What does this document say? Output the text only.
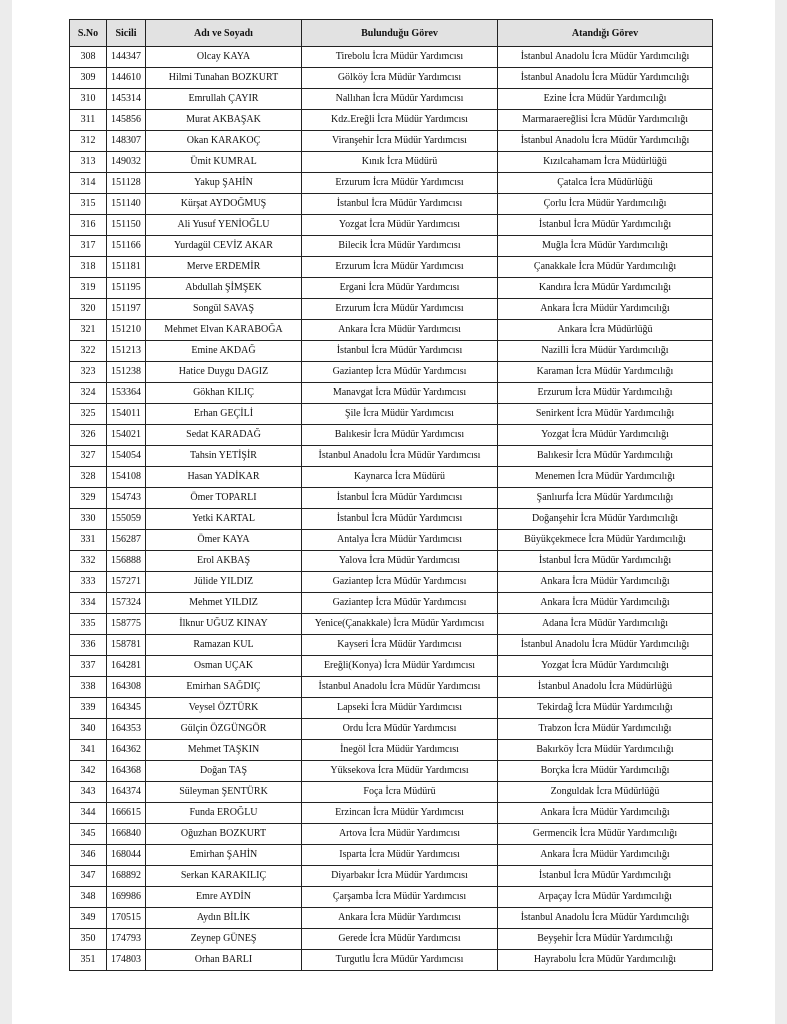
S.No	Sicili	Adı ve Soyadı	Bulunduğu Görev	Atandığı Görev
308	144347	Olcay KAYA	Tirebolu İcra Müdür Yardımcısı	İstanbul Anadolu İcra Müdür Yardımcılığı
309	144610	Hilmi Tunahan BOZKURT	Gölköy İcra Müdür Yardımcısı	İstanbul Anadolu İcra Müdür Yardımcılığı
310	145314	Emrullah ÇAYIR	Nallıhan İcra Müdür Yardımcısı	Ezine İcra Müdür Yardımcılığı
311	145856	Murat AKBAŞAK	Kdz.Ereğli İcra Müdür Yardımcısı	Marmaraereğlisi İcra Müdür Yardımcılığı
312	148307	Okan KARAKOÇ	Viranşehir İcra Müdür Yardımcısı	İstanbul Anadolu İcra Müdür Yardımcılığı
313	149032	Ümit KUMRAL	Kınık İcra Müdürü	Kızılcahamam İcra Müdürlüğü
314	151128	Yakup ŞAHİN	Erzurum İcra Müdür Yardımcısı	Çatalca İcra Müdürlüğü
315	151140	Kürşat AYDOĞMUŞ	İstanbul İcra Müdür Yardımcısı	Çorlu İcra Müdür Yardımcılığı
316	151150	Ali Yusuf YENİOĞLU	Yozgat İcra Müdür Yardımcısı	İstanbul İcra Müdür Yardımcılığı
317	151166	Yurdagül CEVİZ AKAR	Bilecik İcra Müdür Yardımcısı	Muğla İcra Müdür Yardımcılığı
318	151181	Merve ERDEMİR	Erzurum İcra Müdür Yardımcısı	Çanakkale İcra Müdür Yardımcılığı
319	151195	Abdullah ŞİMŞEK	Ergani İcra Müdür Yardımcısı	Kandıra İcra Müdür Yardımcılığı
320	151197	Songül SAVAŞ	Erzurum İcra Müdür Yardımcısı	Ankara İcra Müdür Yardımcılığı
321	151210	Mehmet Elvan KARABOĞA	Ankara İcra Müdür Yardımcısı	Ankara İcra Müdürlüğü
322	151213	Emine AKDAĞ	İstanbul İcra Müdür Yardımcısı	Nazilli İcra Müdür Yardımcılığı
323	151238	Hatice Duygu DAGIZ	Gaziantep İcra Müdür Yardımcısı	Karaman İcra Müdür Yardımcılığı
324	153364	Gökhan KILIÇ	Manavgat İcra Müdür Yardımcısı	Erzurum İcra Müdür Yardımcılığı
325	154011	Erhan GEÇİLİ	Şile İcra Müdür Yardımcısı	Senirkent İcra Müdür Yardımcılığı
326	154021	Sedat KARADAĞ	Balıkesir İcra Müdür Yardımcısı	Yozgat İcra Müdür Yardımcılığı
327	154054	Tahsin YETİŞİR	İstanbul Anadolu İcra Müdür Yardımcısı	Balıkesir İcra Müdür Yardımcılığı
328	154108	Hasan YADİKAR	Kaynarca İcra Müdürü	Menemen İcra Müdür Yardımcılığı
329	154743	Ömer TOPARLI	İstanbul İcra Müdür Yardımcısı	Şanlıurfa İcra Müdür Yardımcılığı
330	155059	Yetki KARTAL	İstanbul İcra Müdür Yardımcısı	Doğanşehir İcra Müdür Yardımcılığı
331	156287	Ömer KAYA	Antalya İcra Müdür Yardımcısı	Büyükçekmece İcra Müdür Yardımcılığı
332	156888	Erol AKBAŞ	Yalova İcra Müdür Yardımcısı	İstanbul İcra Müdür Yardımcılığı
333	157271	Jülide YILDIZ	Gaziantep İcra Müdür Yardımcısı	Ankara İcra Müdür Yardımcılığı
334	157324	Mehmet YILDIZ	Gaziantep İcra Müdür Yardımcısı	Ankara İcra Müdür Yardımcılığı
335	158775	İlknur UĞUZ KINAY	Yenice(Çanakkale) İcra Müdür Yardımcısı	Adana İcra Müdür Yardımcılığı
336	158781	Ramazan KUL	Kayseri İcra Müdür Yardımcısı	İstanbul Anadolu İcra Müdür Yardımcılığı
337	164281	Osman UÇAK	Ereğli(Konya) İcra Müdür Yardımcısı	Yozgat İcra Müdür Yardımcılığı
338	164308	Emirhan SAĞDIÇ	İstanbul Anadolu İcra Müdür Yardımcısı	İstanbul Anadolu İcra Müdürlüğü
339	164345	Veysel ÖZTÜRK	Lapseki İcra Müdür Yardımcısı	Tekirdağ İcra Müdür Yardımcılığı
340	164353	Gülçin ÖZGÜNGÖR	Ordu İcra Müdür Yardımcısı	Trabzon İcra Müdür Yardımcılığı
341	164362	Mehmet TAŞKIN	İnegöl İcra Müdür Yardımcısı	Bakırköy İcra Müdür Yardımcılığı
342	164368	Doğan TAŞ	Yüksekova İcra Müdür Yardımcısı	Borçka İcra Müdür Yardımcılığı
343	164374	Süleyman ŞENTÜRK	Foça İcra Müdürü	Zonguldak İcra Müdürlüğü
344	166615	Funda EROĞLU	Erzincan İcra Müdür Yardımcısı	Ankara İcra Müdür Yardımcılığı
345	166840	Oğuzhan BOZKURT	Artova İcra Müdür Yardımcısı	Germencik İcra Müdür Yardımcılığı
346	168044	Emirhan ŞAHİN	Isparta İcra Müdür Yardımcısı	Ankara İcra Müdür Yardımcılığı
347	168892	Serkan KARAKILIÇ	Diyarbakır İcra Müdür Yardımcısı	İstanbul İcra Müdür Yardımcılığı
348	169986	Emre AYDİN	Çarşamba İcra Müdür Yardımcısı	Arpaçay İcra Müdür Yardımcılığı
349	170515	Aydın BİLİK	Ankara İcra Müdür Yardımcısı	İstanbul Anadolu İcra Müdür Yardımcılığı
350	174793	Zeynep GÜNEŞ	Gerede İcra Müdür Yardımcısı	Beyşehir İcra Müdür Yardımcılığı
351	174803	Orhan BARLI	Turgutlu İcra Müdür Yardımcısı	Hayrabolu İcra Müdür Yardımcılığı
